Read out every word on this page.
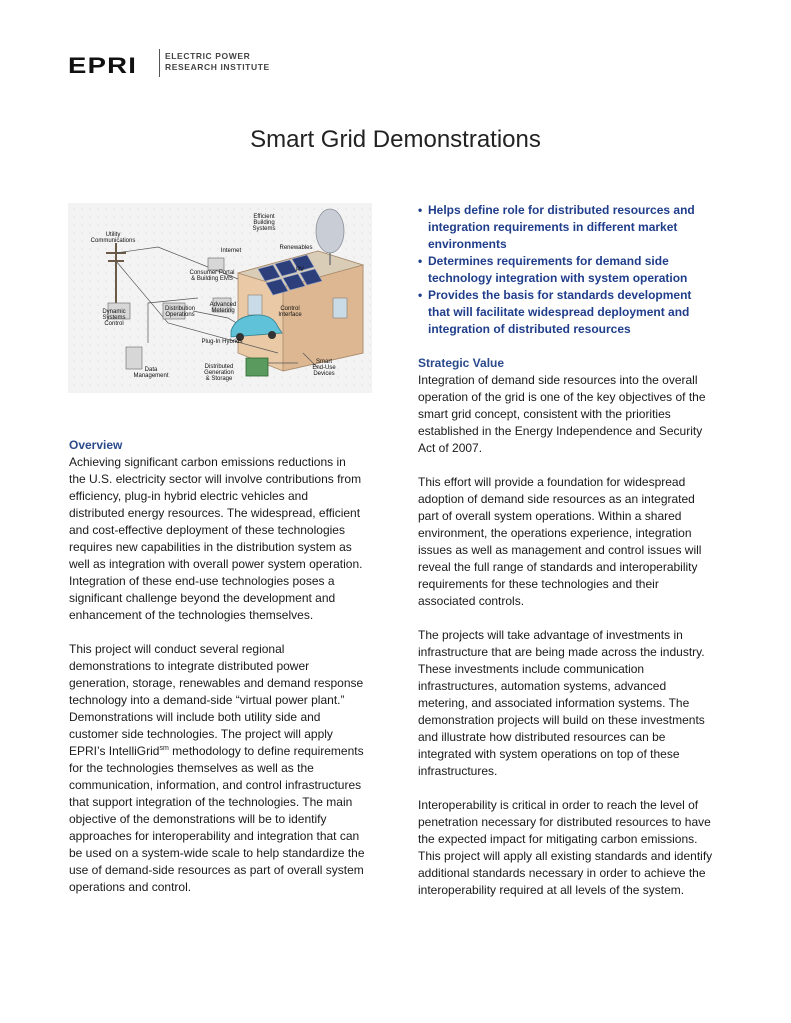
EPRI	ELECTRIC POWER
RESEARCH INSTITUTE
Smart Grid Demonstrations
Efficient Building Systems
Utility Communications
Internet	Renewables
Consumer Portal & Building EMS
PV
Advanced Metering
Distribution Operations
Dynamic Systems Control
Control Interface
Plug-In Hybrids
Data Management
Distributed Generation & Storage
Smart End-Use Devices
Overview
Achieving significant carbon emissions reductions in
the U.S. electricity sector will involve contributions from
efficiency, plug-in hybrid electric vehicles and
distributed energy resources. The widespread, efficient
and cost-effective deployment of these technologies
requires new capabilities in the distribution system as
well as integration with overall power system operation.
Integration of these end-use technologies poses a
significant challenge beyond the development and
enhancement of the technologies themselves.
This project will conduct several regional
demonstrations to integrate distributed power
generation, storage, renewables and demand response
technology into a demand-side “virtual power plant.”
Demonstrations will include both utility side and
customer side technologies. The project will apply
EPRI’s IntelliGrid$^{sm}$ methodology to define requirements
for the technologies themselves as well as the
communication, information, and control infrastructures
that support integration of the technologies. The main
objective of the demonstrations will be to identify
approaches for interoperability and integration that can
be used on a system-wide scale to help standardize the
use of demand-side resources as part of overall system
operations and control.
• Helps define role for distributed resources and
integration requirements in different market
environments
• Determines requirements for demand side
technology integration with system operation
• Provides the basis for standards development
that will facilitate widespread deployment and
integration of distributed resources
Strategic Value
Integration of demand side resources into the overall
operation of the grid is one of the key objectives of the
smart grid concept, consistent with the priorities
established in the Energy Independence and Security
Act of 2007.
This effort will provide a foundation for widespread
adoption of demand side resources as an integrated
part of overall system operations. Within a shared
environment, the operations experience, integration
issues as well as management and control issues will
reveal the full range of standards and interoperability
requirements for these technologies and their
associated controls.
The projects will take advantage of investments in
infrastructure that are being made across the industry.
These investments include communication
infrastructures, automation systems, advanced
metering, and associated information systems. The
demonstration projects will build on these investments
and illustrate how distributed resources can be
integrated with system operations on top of these
infrastructures.
Interoperability is critical in order to reach the level of
penetration necessary for distributed resources to have
the expected impact for mitigating carbon emissions.
This project will apply all existing standards and identify
additional standards necessary in order to achieve the
interoperability required at all levels of the system.
